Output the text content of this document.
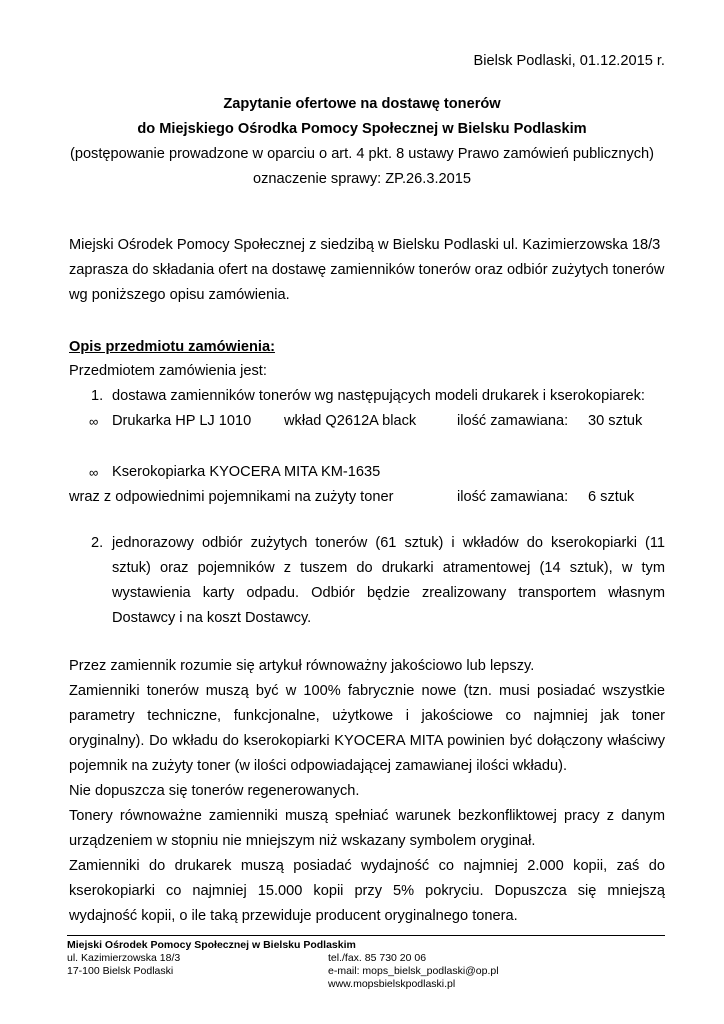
Bielsk Podlaski, 01.12.2015 r.
Zapytanie ofertowe na dostawę tonerów
do Miejskiego Ośrodka Pomocy Społecznej w Bielsku Podlaskim
(postępowanie prowadzone w oparciu o art. 4 pkt. 8 ustawy Prawo zamówień publicznych)
oznaczenie sprawy: ZP.26.3.2015
Miejski Ośrodek Pomocy Społecznej z siedzibą w Bielsku Podlaski ul. Kazimierzowska 18/3
zaprasza do składania ofert na dostawę zamienników tonerów oraz odbiór zużytych tonerów
wg poniższego opisu zamówienia.
Opis przedmiotu zamówienia:
Przedmiotem zamówienia jest:
1. dostawa zamienników tonerów wg następujących modeli drukarek i kserokopiarek:
∞ Drukarka HP LJ 1010 wkład Q2612A black	ilość zamawiana: 30 sztuk
∞ Kserokopiarka KYOCERA MITA KM-1635
wraz z odpowiednimi pojemnikami na zużyty toner	ilość zamawiana: 6 sztuk
2. jednorazowy odbiór zużytych tonerów (61 sztuk) i wkładów do kserokopiarki (11
sztuk) oraz pojemników z tuszem do drukarki atramentowej (14 sztuk), w tym
wystawienia karty odpadu. Odbiór będzie zrealizowany transportem własnym
Dostawcy i na koszt Dostawcy.
Przez zamiennik rozumie się artykuł równoważny jakościowo lub lepszy.
Zamienniki tonerów muszą być w 100% fabrycznie nowe (tzn. musi posiadać wszystkie
parametry techniczne, funkcjonalne, użytkowe i jakościowe co najmniej jak toner
oryginalny). Do wkładu do kserokopiarki KYOCERA MITA powinien być dołączony właściwy
pojemnik na zużyty toner (w ilości odpowiadającej zamawianej ilości wkładu).
Nie dopuszcza się tonerów regenerowanych.
Tonery równoważne zamienniki muszą spełniać warunek bezkonfliktowej pracy z danym
urządzeniem w stopniu nie mniejszym niż wskazany symbolem oryginał.
Zamienniki do drukarek muszą posiadać wydajność co najmniej 2.000 kopii, zaś do
kserokopiarki co najmniej 15.000 kopii przy 5% pokryciu. Dopuszcza się mniejszą
wydajność kopii, o ile taką przewiduje producent oryginalnego tonera.
Miejski Ośrodek Pomocy Społecznej w Bielsku Podlaskim
ul. Kazimierzowska 18/3
17-100 Bielsk Podlaski
tel./fax. 85 730 20 06
e-mail: mops_bielsk_podlaski@op.pl
www.mopsbielskpodlaski.pl
